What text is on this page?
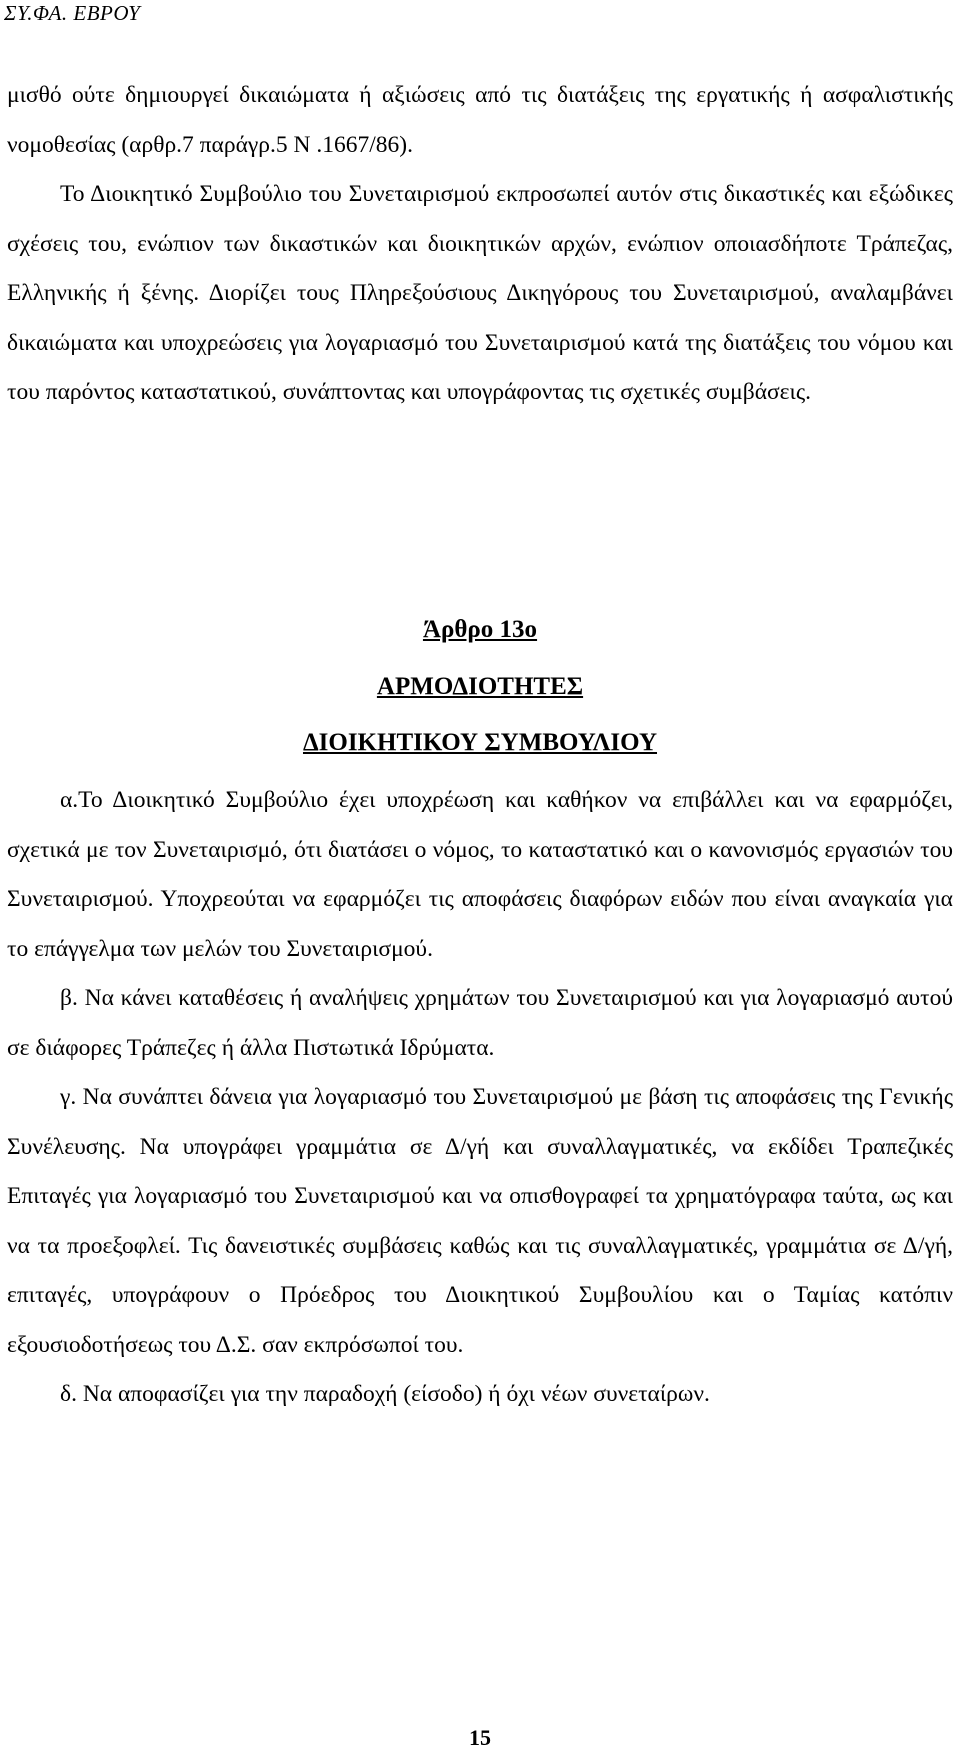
ΣΥ.ΦΑ. ΕΒΡΟΥ

μισθό ούτε δημιουργεί δικαιώματα ή αξιώσεις από τις διατάξεις της εργατικής ή ασφαλιστικής νομοθεσίας (αρθρ.7 παράγρ.5 Ν .1667/86).

Το Διοικητικό Συμβούλιο του Συνεταιρισμού εκπροσωπεί αυτόν στις δικαστικές και εξώδικες σχέσεις του, ενώπιον των δικαστικών και διοικητικών αρχών, ενώπιον οποιασδήποτε Τράπεζας, Ελληνικής ή ξένης. Διορίζει τους Πληρεξούσιους Δικηγόρους του Συνεταιρισμού, αναλαμβάνει δικαιώματα και υποχρεώσεις για λογαριασμό του Συνεταιρισμού κατά της διατάξεις του νόμου και του παρόντος καταστατικού, συνάπτοντας και υπογράφοντας τις σχετικές συμβάσεις.

Άρθρο 13ο
ΑΡΜΟΔΙΟΤΗΤΕΣ
ΔΙΟΙΚΗΤΙΚΟΥ ΣΥΜΒΟΥΛΙΟΥ

α.Το Διοικητικό Συμβούλιο έχει υποχρέωση και καθήκον να επιβάλλει και να εφαρμόζει, σχετικά με τον Συνεταιρισμό, ότι διατάσει ο νόμος, το καταστατικό και ο κανονισμός εργασιών του Συνεταιρισμού. Υποχρεούται να εφαρμόζει τις αποφάσεις διαφόρων ειδών που είναι αναγκαία για το επάγγελμα των μελών του Συνεταιρισμού.

β. Να κάνει καταθέσεις ή αναλήψεις χρημάτων του Συνεταιρισμού και για λογαριασμό αυτού σε διάφορες Τράπεζες ή άλλα Πιστωτικά Ιδρύματα.

γ. Να συνάπτει δάνεια για λογαριασμό του Συνεταιρισμού με βάση τις αποφάσεις της Γενικής Συνέλευσης. Να υπογράφει γραμμάτια σε Δ/γή και συναλλαγματικές, να εκδίδει Τραπεζικές Επιταγές για λογαριασμό του Συνεταιρισμού και να οπισθογραφεί τα χρηματόγραφα ταύτα, ως και να τα προεξοφλεί. Τις δανειστικές συμβάσεις καθώς και τις συναλλαγματικές, γραμμάτια σε Δ/γή, επιταγές, υπογράφουν ο Πρόεδρος του Διοικητικού Συμβουλίου και ο Ταμίας κατόπιν εξουσιοδοτήσεως του Δ.Σ. σαν εκπρόσωποί του.

δ. Να αποφασίζει για την παραδοχή (είσοδο) ή όχι νέων συνεταίρων.

15
